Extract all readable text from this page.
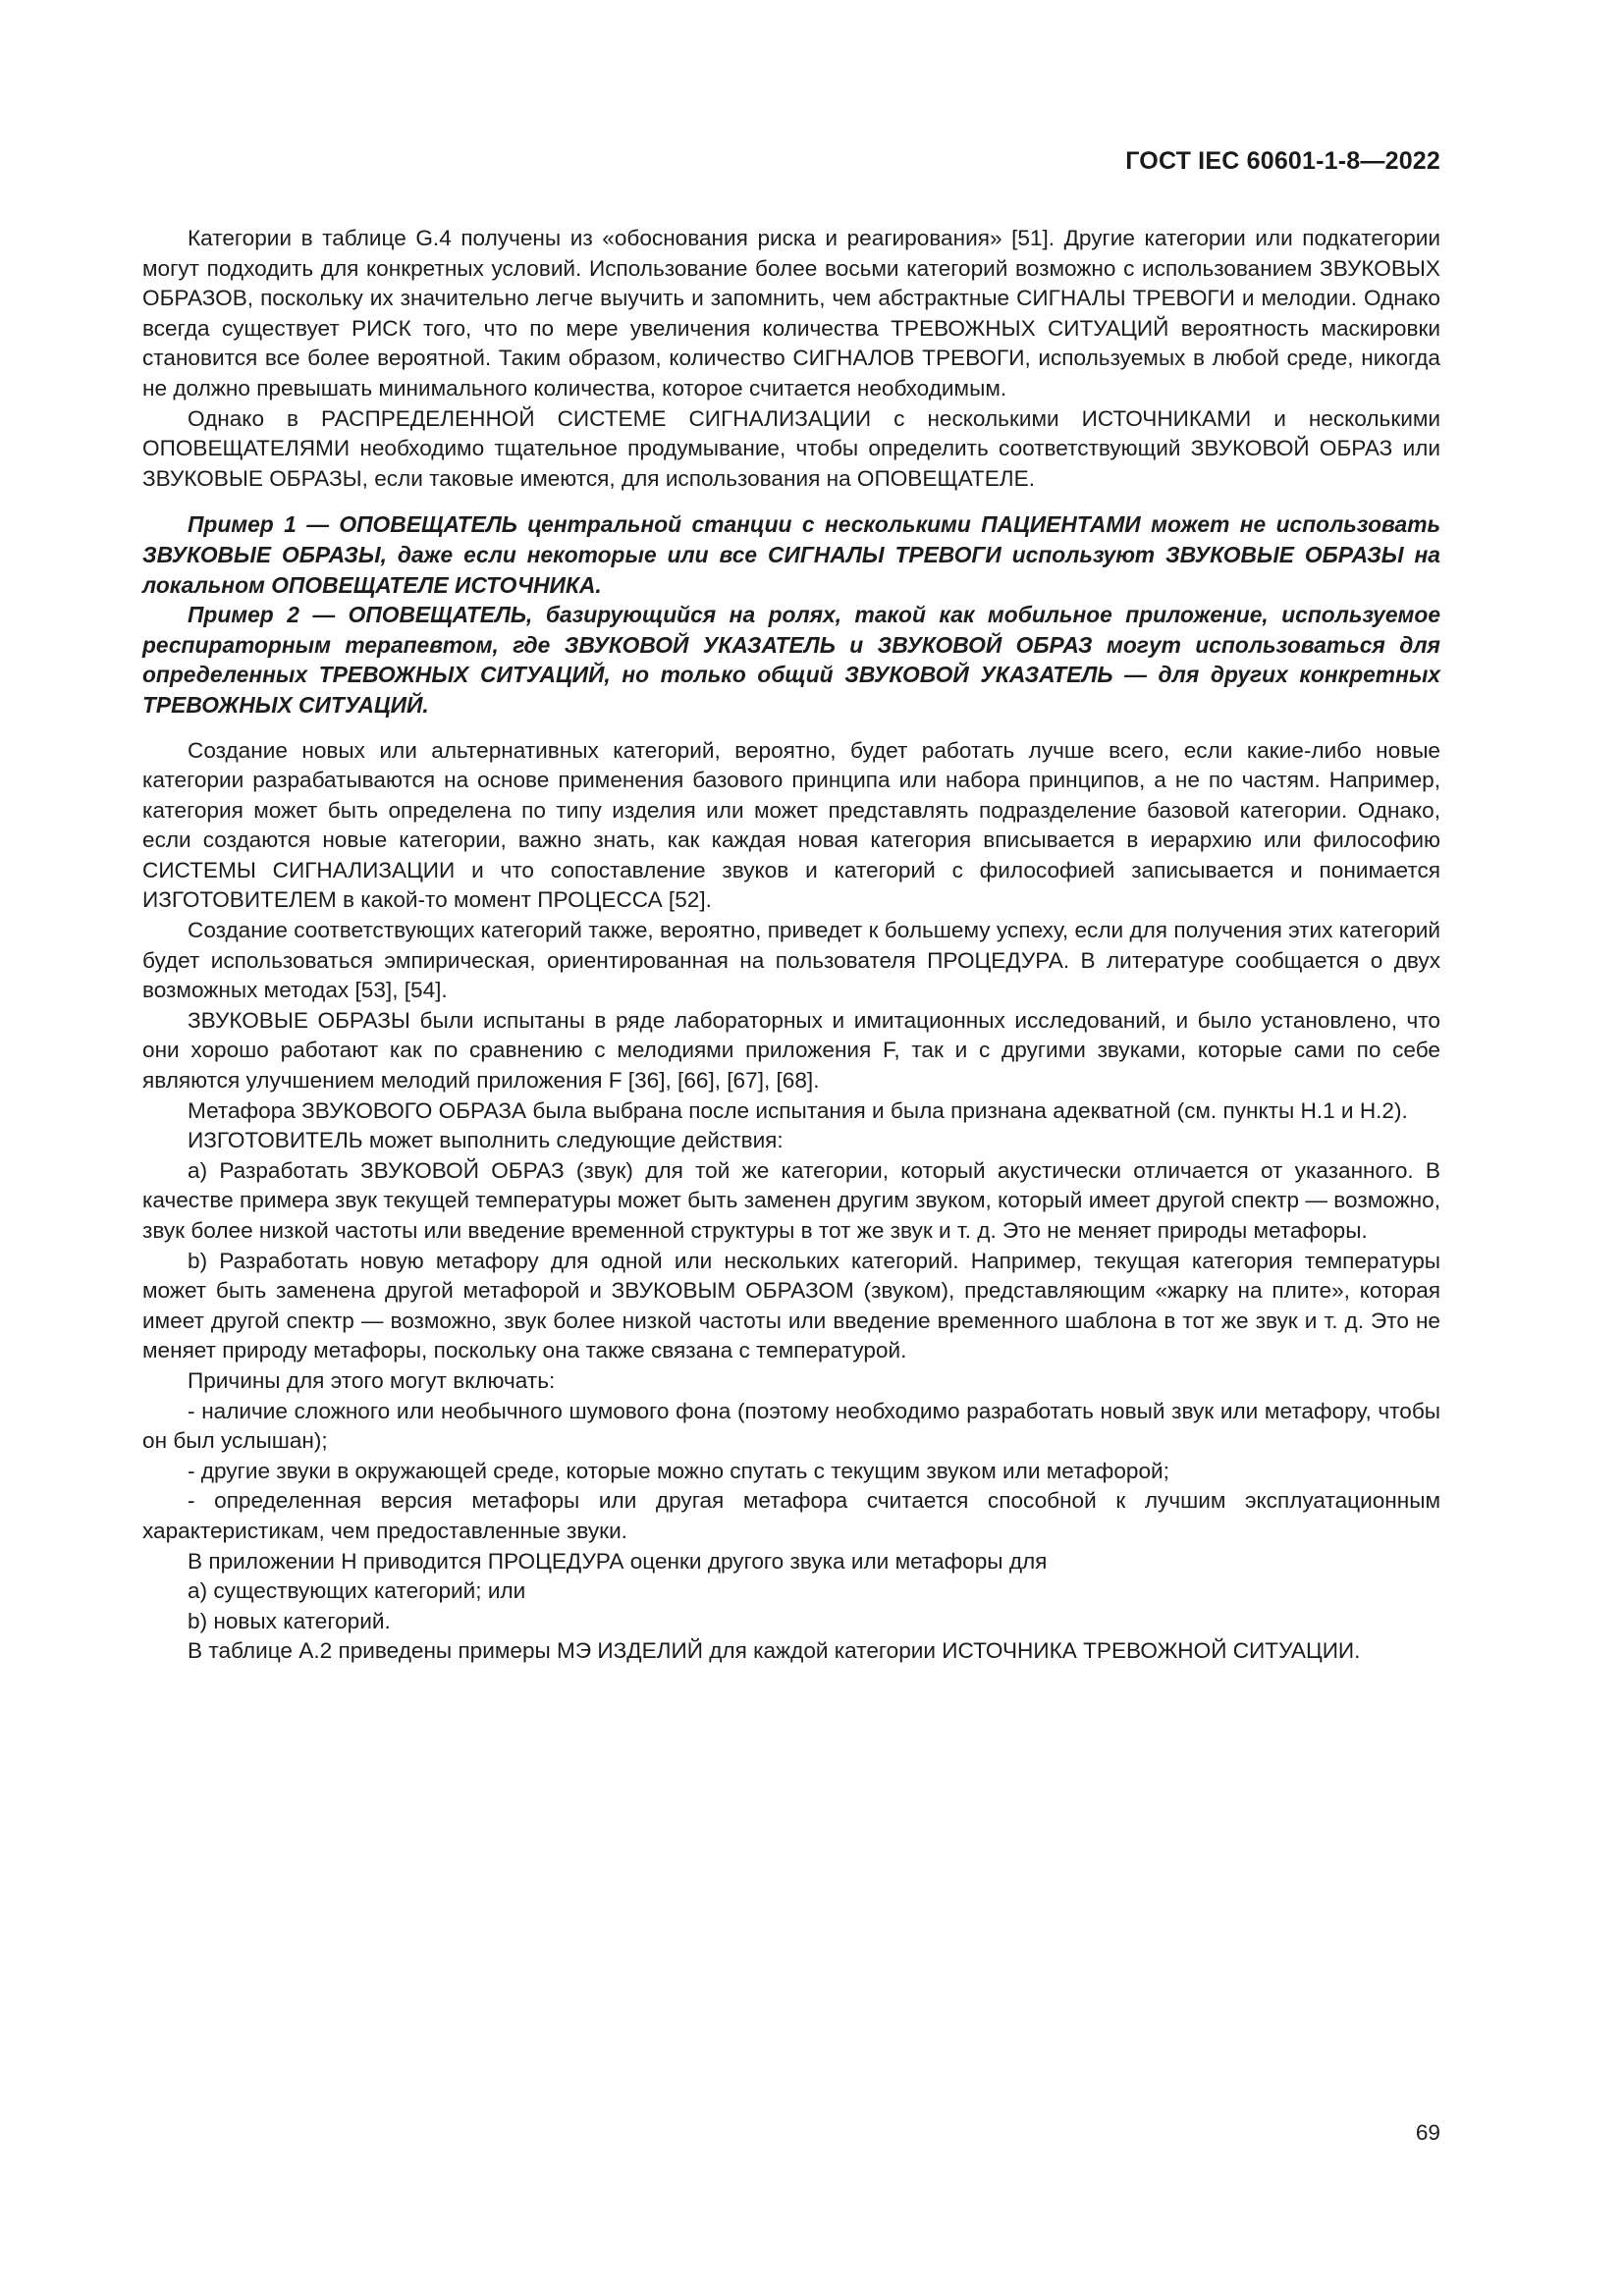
ГОСТ IEC 60601-1-8—2022

Категории в таблице G.4 получены из «обоснования риска и реагирования» [51]. Другие категории или подкатегории могут подходить для конкретных условий. Использование более восьми категорий возможно с использованием ЗВУКОВЫХ ОБРАЗОВ, поскольку их значительно легче выучить и запомнить, чем абстрактные СИГНАЛЫ ТРЕВОГИ и мелодии. Однако всегда существует РИСК того, что по мере увеличения количества ТРЕВОЖНЫХ СИТУАЦИЙ вероятность маскировки становится все более вероятной. Таким образом, количество СИГНАЛОВ ТРЕВОГИ, используемых в любой среде, никогда не должно превышать минимального количества, которое считается необходимым.

Однако в РАСПРЕДЕЛЕННОЙ СИСТЕМЕ СИГНАЛИЗАЦИИ с несколькими ИСТОЧНИКАМИ и несколькими ОПОВЕЩАТЕЛЯМИ необходимо тщательное продумывание, чтобы определить соответствующий ЗВУКОВОЙ ОБРАЗ или ЗВУКОВЫЕ ОБРАЗЫ, если таковые имеются, для использования на ОПОВЕЩАТЕЛЕ.

Пример 1 — ОПОВЕЩАТЕЛЬ центральной станции с несколькими ПАЦИЕНТАМИ может не использовать ЗВУКОВЫЕ ОБРАЗЫ, даже если некоторые или все СИГНАЛЫ ТРЕВОГИ используют ЗВУКОВЫЕ ОБРАЗЫ на локальном ОПОВЕЩАТЕЛЕ ИСТОЧНИКА.

Пример 2 — ОПОВЕЩАТЕЛЬ, базирующийся на ролях, такой как мобильное приложение, используемое респираторным терапевтом, где ЗВУКОВОЙ УКАЗАТЕЛЬ и ЗВУКОВОЙ ОБРАЗ могут использоваться для определенных ТРЕВОЖНЫХ СИТУАЦИЙ, но только общий ЗВУКОВОЙ УКАЗАТЕЛЬ — для других конкретных ТРЕВОЖНЫХ СИТУАЦИЙ.

Создание новых или альтернативных категорий, вероятно, будет работать лучше всего, если какие-либо новые категории разрабатываются на основе применения базового принципа или набора принципов, а не по частям. Например, категория может быть определена по типу изделия или может представлять подразделение базовой категории. Однако, если создаются новые категории, важно знать, как каждая новая категория вписывается в иерархию или философию СИСТЕМЫ СИГНАЛИЗАЦИИ и что сопоставление звуков и категорий с философией записывается и понимается ИЗГОТОВИТЕЛЕМ в какой-то момент ПРОЦЕССА [52].

Создание соответствующих категорий также, вероятно, приведет к большему успеху, если для получения этих категорий будет использоваться эмпирическая, ориентированная на пользователя ПРОЦЕДУРА. В литературе сообщается о двух возможных методах [53], [54].

ЗВУКОВЫЕ ОБРАЗЫ были испытаны в ряде лабораторных и имитационных исследований, и было установлено, что они хорошо работают как по сравнению с мелодиями приложения F, так и с другими звуками, которые сами по себе являются улучшением мелодий приложения F [36], [66], [67], [68].

Метафора ЗВУКОВОГО ОБРАЗА была выбрана после испытания и была признана адекватной (см. пункты H.1 и H.2).

ИЗГОТОВИТЕЛЬ может выполнить следующие действия:

a) Разработать ЗВУКОВОЙ ОБРАЗ (звук) для той же категории, который акустически отличается от указанного. В качестве примера звук текущей температуры может быть заменен другим звуком, который имеет другой спектр — возможно, звук более низкой частоты или введение временной структуры в тот же звук и т. д. Это не меняет природы метафоры.

b) Разработать новую метафору для одной или нескольких категорий. Например, текущая категория температуры может быть заменена другой метафорой и ЗВУКОВЫМ ОБРАЗОМ (звуком), представляющим «жарку на плите», которая имеет другой спектр — возможно, звук более низкой частоты или введение временного шаблона в тот же звук и т. д. Это не меняет природу метафоры, поскольку она также связана с температурой.

Причины для этого могут включать:

- наличие сложного или необычного шумового фона (поэтому необходимо разработать новый звук или метафору, чтобы он был услышан);

- другие звуки в окружающей среде, которые можно спутать с текущим звуком или метафорой;

- определенная версия метафоры или другая метафора считается способной к лучшим эксплуатационным характеристикам, чем предоставленные звуки.

В приложении H приводится ПРОЦЕДУРА оценки другого звука или метафоры для

a) существующих категорий; или

b) новых категорий.

В таблице А.2 приведены примеры МЭ ИЗДЕЛИЙ для каждой категории ИСТОЧНИКА ТРЕВОЖНОЙ СИТУАЦИИ.

69
